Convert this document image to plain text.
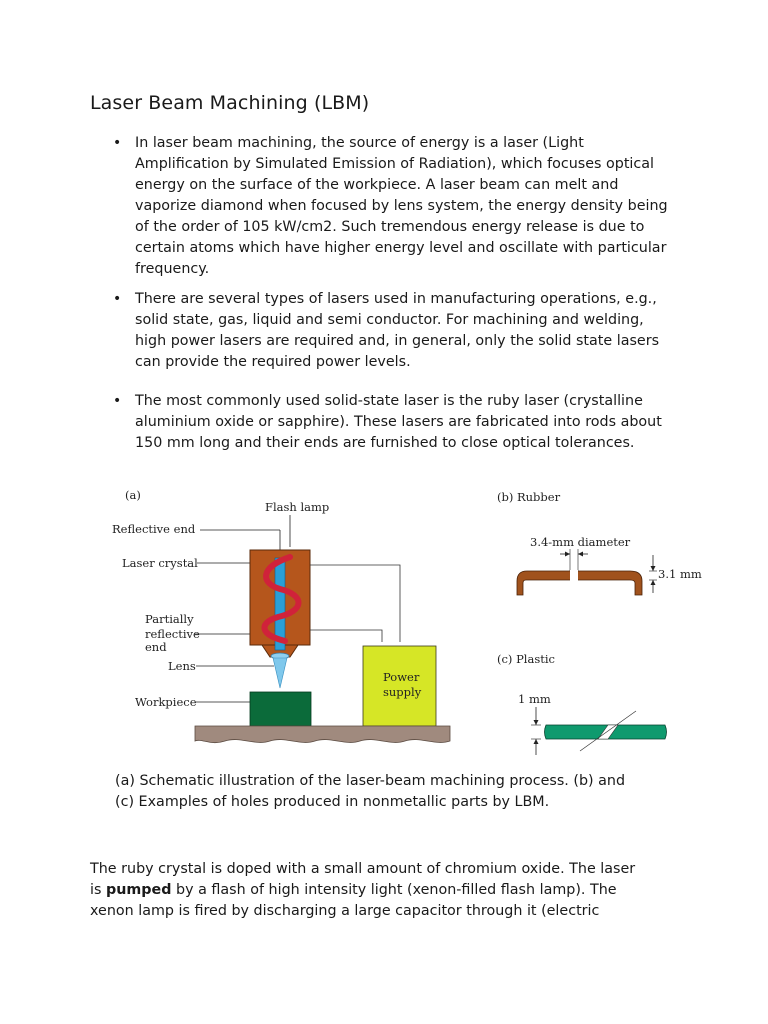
Laser Beam Machining (LBM)
• In laser beam machining, the source of energy is a laser (Light Amplification by Simulated Emission of Radiation), which focuses optical energy on the surface of the workpiece. A laser beam can melt and vaporize diamond when focused by lens system, the energy density being of the order of 105 kW/cm2. Such tremendous energy release is due to certain atoms which have higher energy level and oscillate with particular frequency.
• There are several types of lasers used in manufacturing operations, e.g., solid state, gas, liquid and semi conductor. For machining and welding, high power lasers are required and, in general, only the solid state lasers can provide the required power levels.
• The most commonly used solid-state laser is the ruby laser (crystalline aluminium oxide or sapphire). These lasers are fabricated into rods about 150 mm long and their ends are furnished to close optical tolerances.
(a)
Flash lamp
Reflective end
Laser crystal
Partially
reflective
end
Lens
Workpiece
Power
supply
(b) Rubber
3.4-mm diameter
3.1 mm
(c) Plastic
1 mm

(a) Schematic illustration of the laser-beam machining process. (b) and
(c) Examples of holes produced in nonmetallic parts by LBM.

The ruby crystal is doped with a small amount of chromium oxide. The laser
is pumped by a flash of high intensity light (xenon-filled flash lamp). The
xenon lamp is fired by discharging a large capacitor through it (electric
